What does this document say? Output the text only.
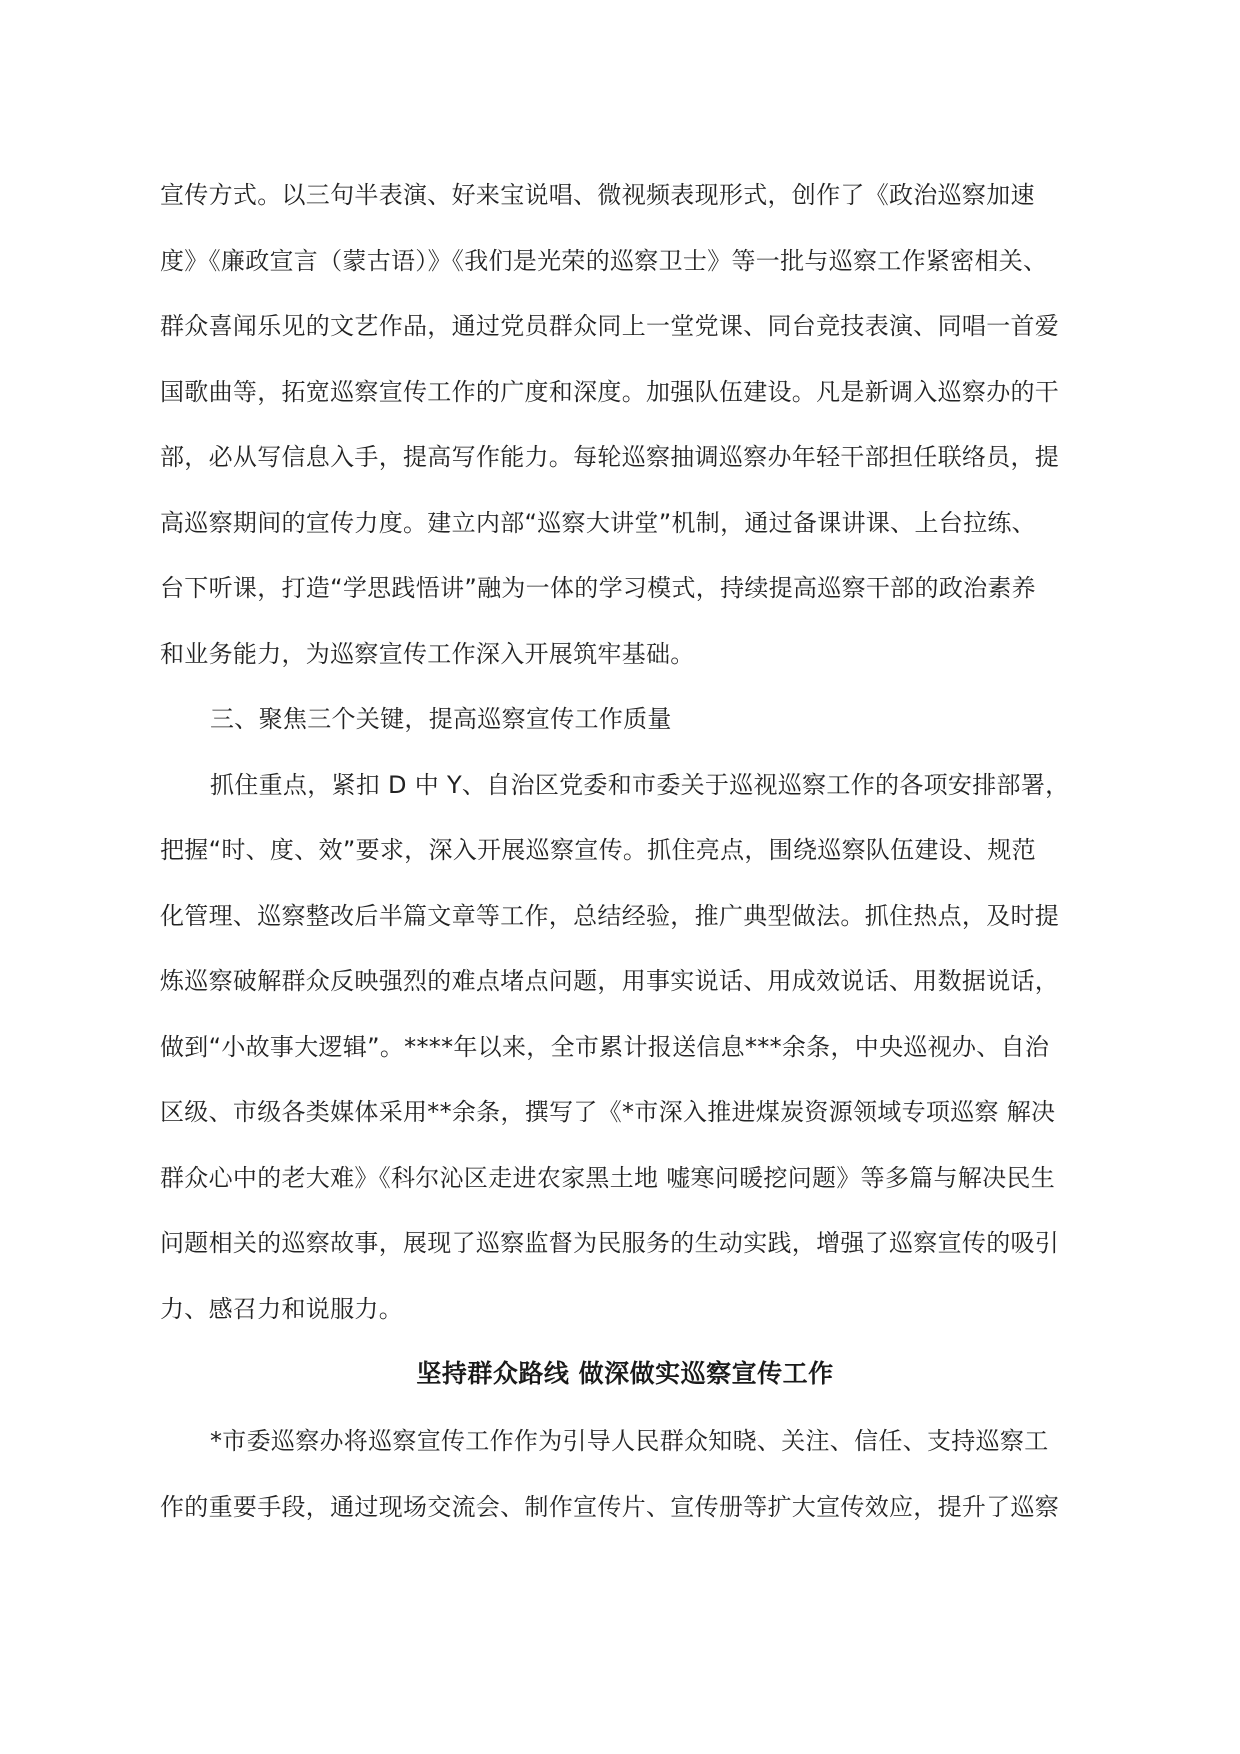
宣传方式。以三句半表演、好来宝说唱、微视频表现形式，创作了《政治巡察加速
度》《廉政宣言（蒙古语）》《我们是光荣的巡察卫士》等一批与巡察工作紧密相关、
群众喜闻乐见的文艺作品，通过党员群众同上一堂党课、同台竞技表演、同唱一首爱
国歌曲等，拓宽巡察宣传工作的广度和深度。加强队伍建设。凡是新调入巡察办的干
部，必从写信息入手，提高写作能力。每轮巡察抽调巡察办年轻干部担任联络员，提
高巡察期间的宣传力度。建立内部“巡察大讲堂”机制，通过备课讲课、上台拉练、
台下听课，打造“学思践悟讲”融为一体的学习模式，持续提高巡察干部的政治素养
和业务能力，为巡察宣传工作深入开展筑牢基础。
三、聚焦三个关键，提高巡察宣传工作质量
抓住重点，紧扣 D 中 Y、自治区党委和市委关于巡视巡察工作的各项安排部署，
把握“时、度、效”要求，深入开展巡察宣传。抓住亮点，围绕巡察队伍建设、规范
化管理、巡察整改后半篇文章等工作，总结经验，推广典型做法。抓住热点，及时提
炼巡察破解群众反映强烈的难点堵点问题，用事实说话、用成效说话、用数据说话，
做到“小故事大逻辑”。****年以来，全市累计报送信息***余条，中央巡视办、自治
区级、市级各类媒体采用**余条，撰写了《*市深入推进煤炭资源领域专项巡察 解决
群众心中的老大难》《科尔沁区走进农家黑土地 嘘寒问暖挖问题》等多篇与解决民生
问题相关的巡察故事，展现了巡察监督为民服务的生动实践，增强了巡察宣传的吸引
力、感召力和说服力。
坚持群众路线 做深做实巡察宣传工作
*市委巡察办将巡察宣传工作作为引导人民群众知晓、关注、信任、支持巡察工
作的重要手段，通过现场交流会、制作宣传片、宣传册等扩大宣传效应，提升了巡察
